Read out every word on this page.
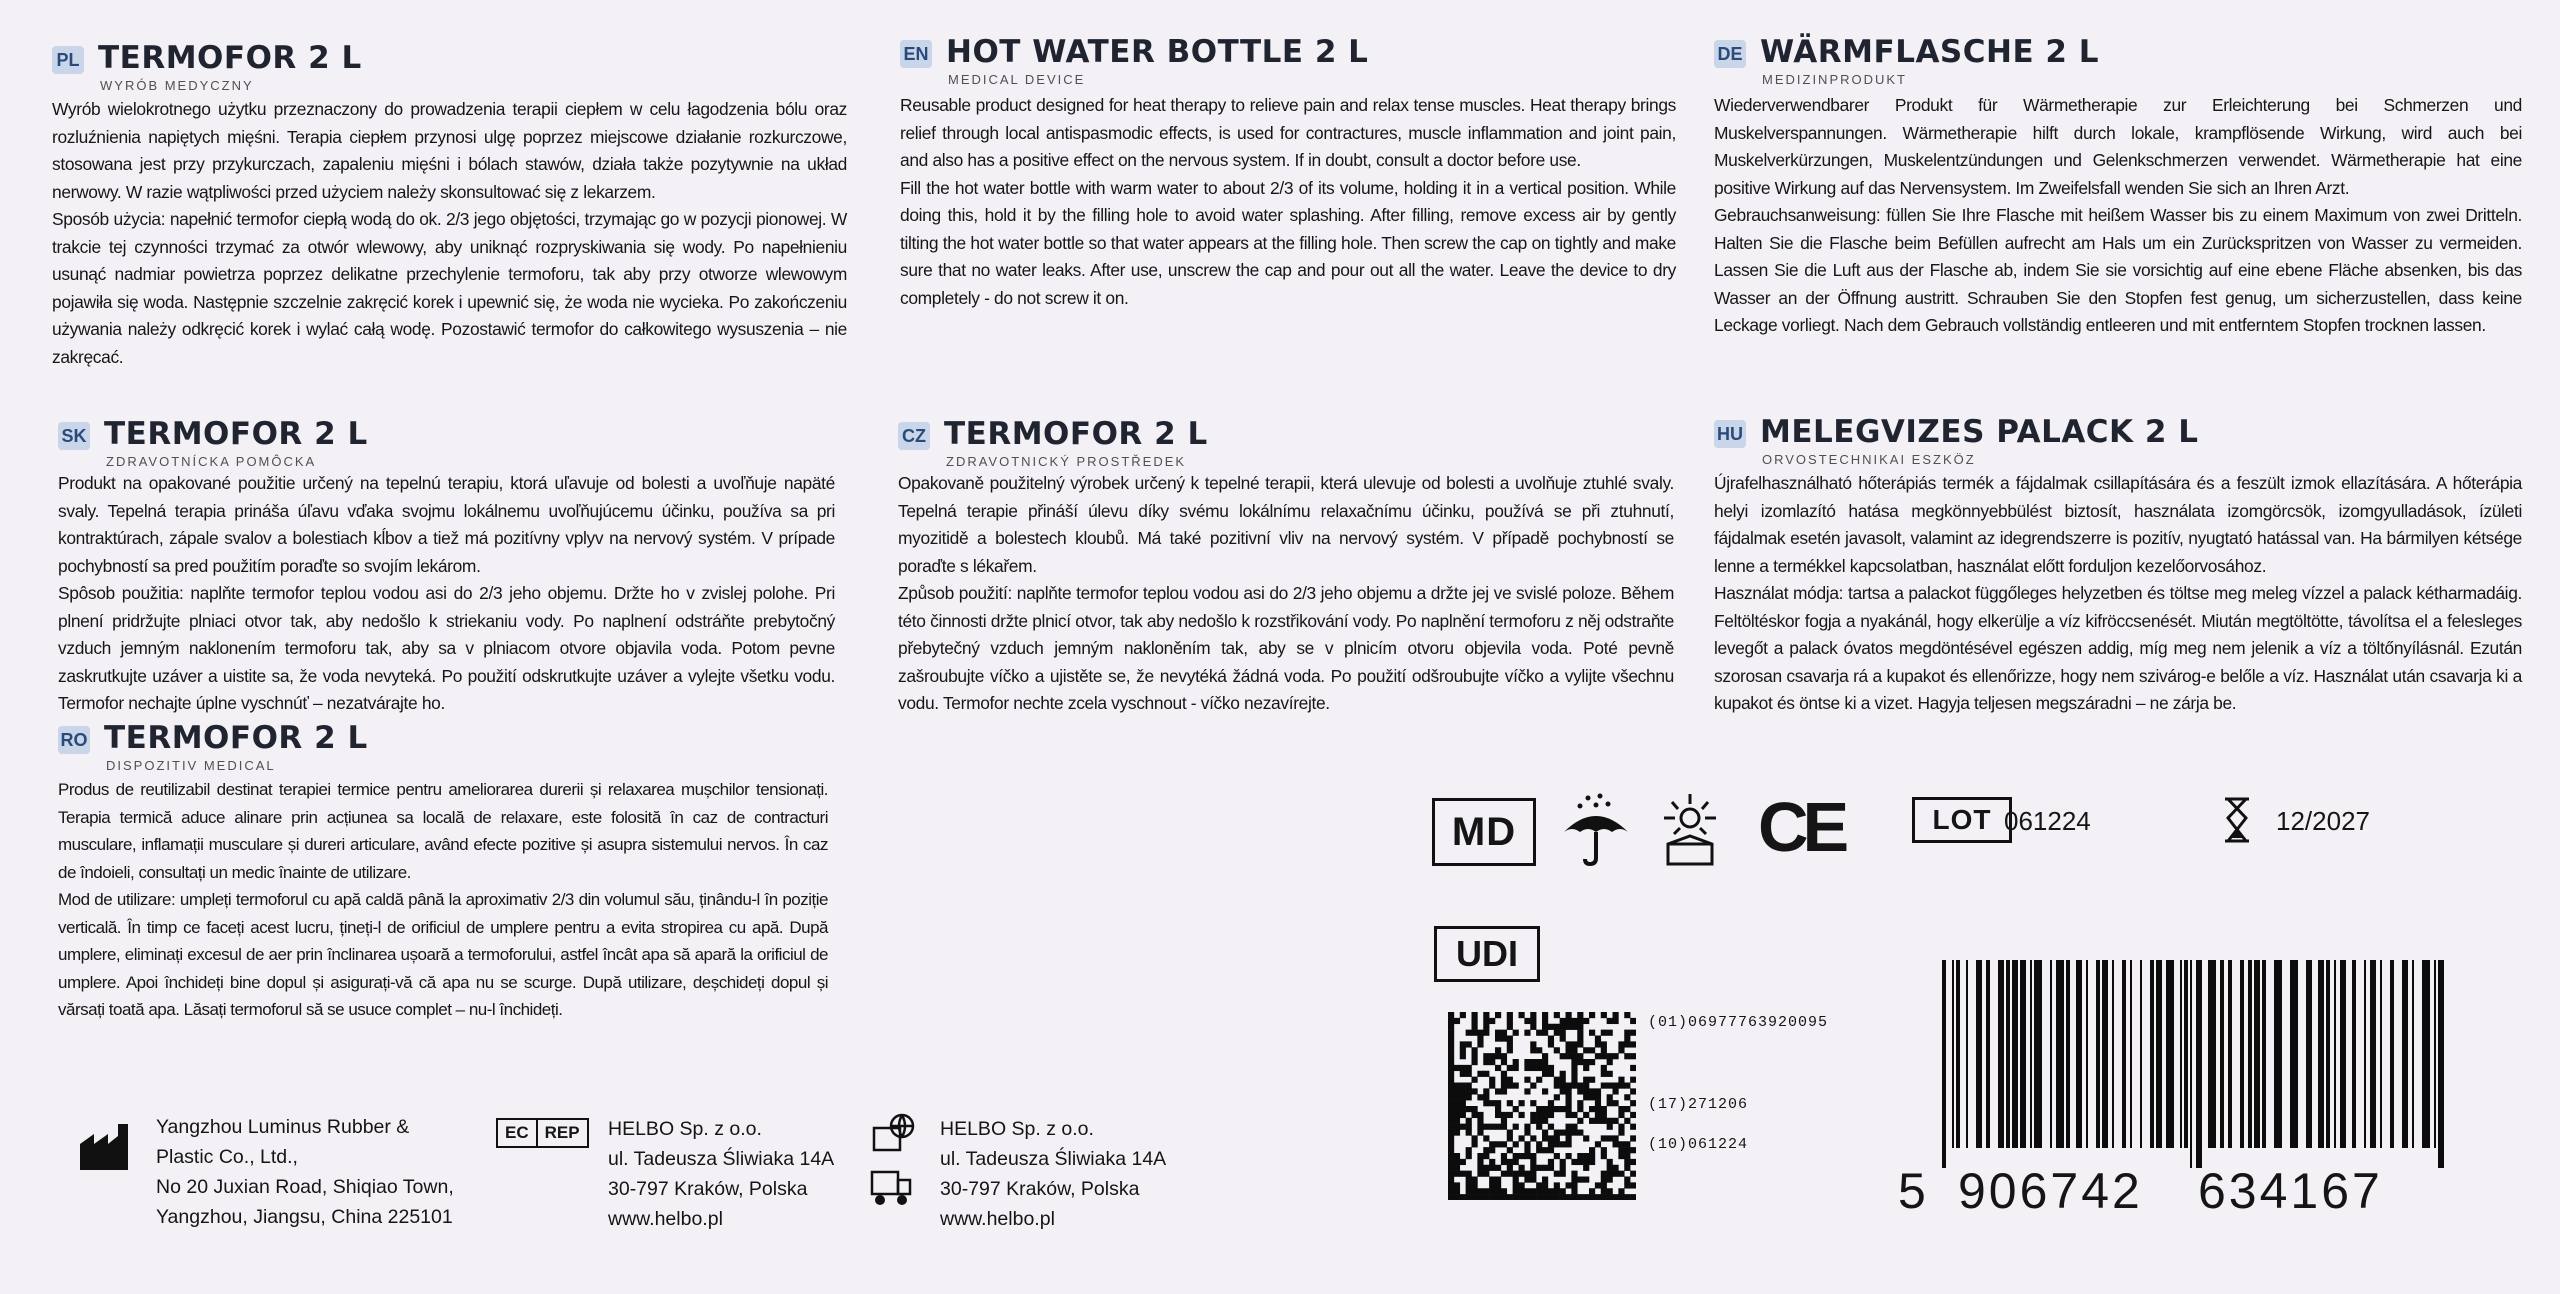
PL TERMOFOR 2 L
WYRÓB MEDYCZNY

Wyrób wielokrotnego użytku przeznaczony do prowadzenia terapii ciepłem w celu łagodzenia bólu oraz rozluźnienia napiętych mięśni. Terapia ciepłem przynosi ulgę poprzez miejscowe działanie rozkurczowe, stosowana jest przy przykurczach, zapaleniu mięśni i bólach stawów, działa także pozytywnie na układ nerwowy. W razie wątpliwości przed użyciem należy skonsultować się z lekarzem.

Sposób użycia: napełnić termofor ciepłą wodą do ok. 2/3 jego objętości, trzymając go w pozycji pionowej. W trakcie tej czynności trzymać za otwór wlewowy, aby uniknąć rozpryskiwania się wody. Po napełnieniu usunąć nadmiar powietrza poprzez delikatne przechylenie termoforu, tak aby przy otworze wlewowym pojawiła się woda. Następnie szczelnie zakręcić korek i upewnić się, że woda nie wycieka. Po zakończeniu używania należy odkręcić korek i wylać całą wodę. Pozostawić termofor do całkowitego wysuszenia – nie zakręcać.

EN HOT WATER BOTTLE 2 L
MEDICAL DEVICE

Reusable product designed for heat therapy to relieve pain and relax tense muscles. Heat therapy brings relief through local antispasmodic effects, is used for contractures, muscle inflammation and joint pain, and also has a positive effect on the nervous system. If in doubt, consult a doctor before use.

Fill the hot water bottle with warm water to about 2/3 of its volume, holding it in a vertical position. While doing this, hold it by the filling hole to avoid water splashing. After filling, remove excess air by gently tilting the hot water bottle so that water appears at the filling hole. Then screw the cap on tightly and make sure that no water leaks. After use, unscrew the cap and pour out all the water. Leave the device to dry completely - do not screw it on.

DE WÄRMFLASCHE 2 L
MEDIZINPRODUKT

Wiederverwendbarer Produkt für Wärmetherapie zur Erleichterung bei Schmerzen und Muskelverspannungen. Wärmetherapie hilft durch lokale, krampflösende Wirkung, wird auch bei Muskelverkürzungen, Muskelentzündungen und Gelenkschmerzen verwendet. Wärmetherapie hat eine positive Wirkung auf das Nervensystem. Im Zweifelsfall wenden Sie sich an Ihren Arzt.

Gebrauchsanweisung: füllen Sie Ihre Flasche mit heißem Wasser bis zu einem Maximum von zwei Dritteln. Halten Sie die Flasche beim Befüllen aufrecht am Hals um ein Zurückspritzen von Wasser zu vermeiden. Lassen Sie die Luft aus der Flasche ab, indem Sie sie vorsichtig auf eine ebene Fläche absenken, bis das Wasser an der Öffnung austritt. Schrauben Sie den Stopfen fest genug, um sicherzustellen, dass keine Leckage vorliegt. Nach dem Gebrauch vollständig entleeren und mit entferntem Stopfen trocknen lassen.

SK TERMOFOR 2 L
ZDRAVOTNÍCKA POMÔCKA

Produkt na opakované použitie určený na tepelnú terapiu, ktorá uľavuje od bolesti a uvoľňuje napäté svaly. Tepelná terapia prináša úľavu vďaka svojmu lokálnemu uvoľňujúcemu účinku, používa sa pri kontraktúrach, zápale svalov a bolestiach kĺbov a tiež má pozitívny vplyv na nervový systém. V prípade pochybností sa pred použitím poraďte so svojím lekárom.

Spôsob použitia: naplňte termofor teplou vodou asi do 2/3 jeho objemu. Držte ho v zvislej polohe. Pri plnení pridržujte plniaci otvor tak, aby nedošlo k striekaniu vody. Po naplnení odstráňte prebytočný vzduch jemným naklonením termoforu tak, aby sa v plniacom otvore objavila voda. Potom pevne zaskrutkujte uzáver a uistite sa, že voda nevyteká. Po použití odskrutkujte uzáver a vylejte všetku vodu. Termofor nechajte úplne vyschnúť – nezatvárajte ho.

CZ TERMOFOR 2 L
ZDRAVOTNICKÝ PROSTŘEDEK

Opakovaně použitelný výrobek určený k tepelné terapii, která ulevuje od bolesti a uvolňuje ztuhlé svaly. Tepelná terapie přináší úlevu díky svému lokálnímu relaxačnímu účinku, používá se při ztuhnutí, myozitidě a bolestech kloubů. Má také pozitivní vliv na nervový systém. V případě pochybností se poraďte s lékařem.

Způsob použití: naplňte termofor teplou vodou asi do 2/3 jeho objemu a držte jej ve svislé poloze. Během této činnosti držte plnicí otvor, tak aby nedošlo k rozstřikování vody. Po naplnění termoforu z něj odstraňte přebytečný vzduch jemným nakloněním tak, aby se v plnicím otvoru objevila voda. Poté pevně zašroubujte víčko a ujistěte se, že nevytéká žádná voda. Po použití odšroubujte víčko a vylijte všechnu vodu. Termofor nechte zcela vyschnout - víčko nezavírejte.

HU MELEGVIZES PALACK 2 L
ORVOSTECHNIKAI ESZKÖZ

Újrafelhasználható hőterápiás termék a fájdalmak csillapítására és a feszült izmok ellazítására. A hőterápia helyi izomlazító hatása megkönnyebbülést biztosít, használata izomgörcsök, izomgyulladások, ízületi fájdalmak esetén javasolt, valamint az idegrendszerre is pozitív, nyugtató hatással van. Ha bármilyen kétsége lenne a termékkel kapcsolatban, használat előtt forduljon kezelőorvosához.

Használat módja: tartsa a palackot függőleges helyzetben és töltse meg meleg vízzel a palack kétharmadáig. Feltöltéskor fogja a nyakánál, hogy elkerülje a víz kifröccsenését. Miután megtöltötte, távolítsa el a felesleges levegőt a palack óvatos megdöntésével egészen addig, míg meg nem jelenik a víz a töltőnyílásnál. Ezután szorosan csavarja rá a kupakot és ellenőrizze, hogy nem szivárog-e belőle a víz. Használat után csavarja ki a kupakot és öntse ki a vizet. Hagyja teljesen megszáradni – ne zárja be.

RO TERMOFOR 2 L
DISPOZITIV MEDICAL

Produs de reutilizabil destinat terapiei termice pentru ameliorarea durerii și relaxarea mușchilor tensionați. Terapia termică aduce alinare prin acțiunea sa locală de relaxare, este folosită în caz de contracturi musculare, inflamații musculare și dureri articulare, având efecte pozitive și asupra sistemului nervos. În caz de îndoieli, consultați un medic înainte de utilizare.

Mod de utilizare: umpleți termoforul cu apă caldă până la aproximativ 2/3 din volumul său, ținându-l în poziție verticală. În timp ce faceți acest lucru, țineți-l de orificiul de umplere pentru a evita stropirea cu apă. După umplere, eliminați excesul de aer prin înclinarea ușoară a termoforului, astfel încât apa să apară la orificiul de umplere. Apoi închideți bine dopul și asigurați-vă că apa nu se scurge. După utilizare, deșchideți dopul și vărsați toată apa. Lăsați termoforul să se usuce complet – nu-l închideți.

MD	CE	LOT 061224	12/2027
UDI
(01)06977763920095
(17)271206
(10)061224
5 906742 634167
Yangzhou Luminus Rubber &
Plastic Co., Ltd.,
No 20 Juxian Road, Shiqiao Town,
Yangzhou, Jiangsu, China 225101
EC REP	HELBO Sp. z o.o.
ul. Tadeusza Śliwiaka 14A
30-797 Kraków, Polska
www.helbo.pl
HELBO Sp. z o.o.
ul. Tadeusza Śliwiaka 14A
30-797 Kraków, Polska
www.helbo.pl
